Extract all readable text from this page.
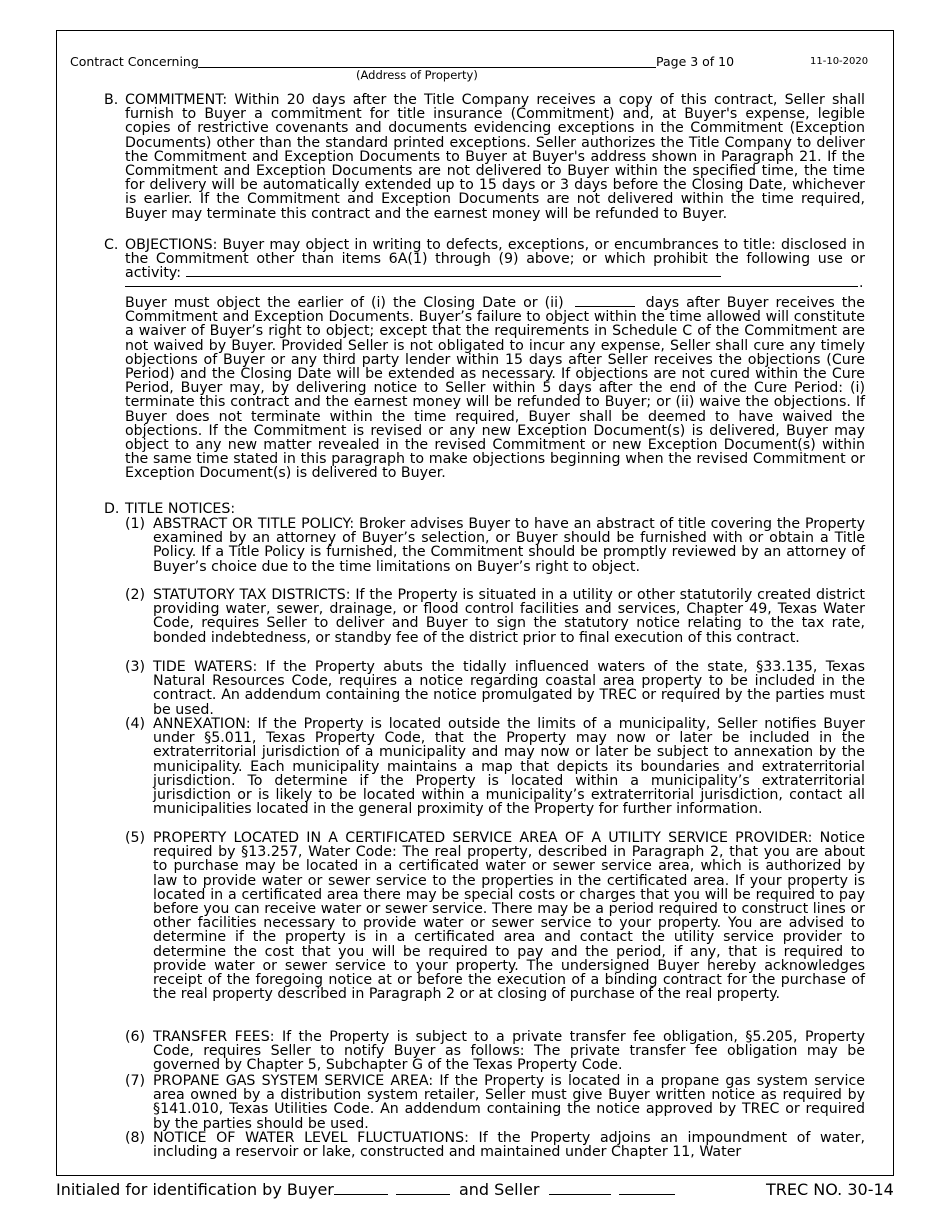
Contract Concerning	Page 3 of 10	11-10-2020
(Address of Property)
B. COMMITMENT: Within 20 days after the Title Company receives a copy of this contract, Seller shall furnish to Buyer a commitment for title insurance (Commitment) and, at Buyer's expense, legible copies of restrictive covenants and documents evidencing exceptions in the Commitment (Exception Documents) other than the standard printed exceptions. Seller authorizes the Title Company to deliver the Commitment and Exception Documents to Buyer at Buyer's address shown in Paragraph 21. If the Commitment and Exception Documents are not delivered to Buyer within the specified time, the time for delivery will be automatically extended up to 15 days or 3 days before the Closing Date, whichever is earlier. If the Commitment and Exception Documents are not delivered within the time required, Buyer may terminate this contract and the earnest money will be refunded to Buyer.
C. OBJECTIONS: Buyer may object in writing to defects, exceptions, or encumbrances to title: disclosed in the Commitment other than items 6A(1) through (9) above; or which prohibit the following use or activity:
.
Buyer must object the earlier of (i) the Closing Date or (ii)	days after Buyer receives the Commitment and Exception Documents. Buyer’s failure to object within the time allowed will constitute a waiver of Buyer’s right to object; except that the requirements in Schedule C of the Commitment are not waived by Buyer. Provided Seller is not obligated to incur any expense, Seller shall cure any timely objections of Buyer or any third party lender within 15 days after Seller receives the objections (Cure Period) and the Closing Date will be extended as necessary. If objections are not cured within the Cure Period, Buyer may, by delivering notice to Seller within 5 days after the end of the Cure Period: (i) terminate this contract and the earnest money will be refunded to Buyer; or (ii) waive the objections. If Buyer does not terminate within the time required, Buyer shall be deemed to have waived the objections. If the Commitment is revised or any new Exception Document(s) is delivered, Buyer may object to any new matter revealed in the revised Commitment or new Exception Document(s) within the same time stated in this paragraph to make objections beginning when the revised Commitment or Exception Document(s) is delivered to Buyer.
D. TITLE NOTICES:
(1) ABSTRACT OR TITLE POLICY: Broker advises Buyer to have an abstract of title covering the Property examined by an attorney of Buyer’s selection, or Buyer should be furnished with or obtain a Title Policy. If a Title Policy is furnished, the Commitment should be promptly reviewed by an attorney of Buyer’s choice due to the time limitations on Buyer’s right to object.
(2) STATUTORY TAX DISTRICTS: If the Property is situated in a utility or other statutorily created district providing water, sewer, drainage, or flood control facilities and services, Chapter 49, Texas Water Code, requires Seller to deliver and Buyer to sign the statutory notice relating to the tax rate, bonded indebtedness, or standby fee of the district prior to final execution of this contract.
(3) TIDE WATERS: If the Property abuts the tidally influenced waters of the state, §33.135, Texas Natural Resources Code, requires a notice regarding coastal area property to be included in the contract. An addendum containing the notice promulgated by TREC or required by the parties must be used.
(4) ANNEXATION: If the Property is located outside the limits of a municipality, Seller notifies Buyer under §5.011, Texas Property Code, that the Property may now or later be included in the extraterritorial jurisdiction of a municipality and may now or later be subject to annexation by the municipality. Each municipality maintains a map that depicts its boundaries and extraterritorial jurisdiction. To determine if the Property is located within a municipality’s extraterritorial jurisdiction or is likely to be located within a municipality’s extraterritorial jurisdiction, contact all municipalities located in the general proximity of the Property for further information.
(5) PROPERTY LOCATED IN A CERTIFICATED SERVICE AREA OF A UTILITY SERVICE PROVIDER: Notice required by §13.257, Water Code: The real property, described in Paragraph 2, that you are about to purchase may be located in a certificated water or sewer service area, which is authorized by law to provide water or sewer service to the properties in the certificated area. If your property is located in a certificated area there may be special costs or charges that you will be required to pay before you can receive water or sewer service. There may be a period required to construct lines or other facilities necessary to provide water or sewer service to your property. You are advised to determine if the property is in a certificated area and contact the utility service provider to determine the cost that you will be required to pay and the period, if any, that is required to provide water or sewer service to your property. The undersigned Buyer hereby acknowledges receipt of the foregoing notice at or before the execution of a binding contract for the purchase of the real property described in Paragraph 2 or at closing of purchase of the real property.
(6) TRANSFER FEES: If the Property is subject to a private transfer fee obligation, §5.205, Property Code, requires Seller to notify Buyer as follows: The private transfer fee obligation may be governed by Chapter 5, Subchapter G of the Texas Property Code.
(7) PROPANE GAS SYSTEM SERVICE AREA: If the Property is located in a propane gas system service area owned by a distribution system retailer, Seller must give Buyer written notice as required by §141.010, Texas Utilities Code. An addendum containing the notice approved by TREC or required by the parties should be used.
(8) NOTICE OF WATER LEVEL FLUCTUATIONS: If the Property adjoins an impoundment of water, including a reservoir or lake, constructed and maintained under Chapter 11, Water
Initialed for identification by Buyer	and Seller	TREC NO. 30-14
